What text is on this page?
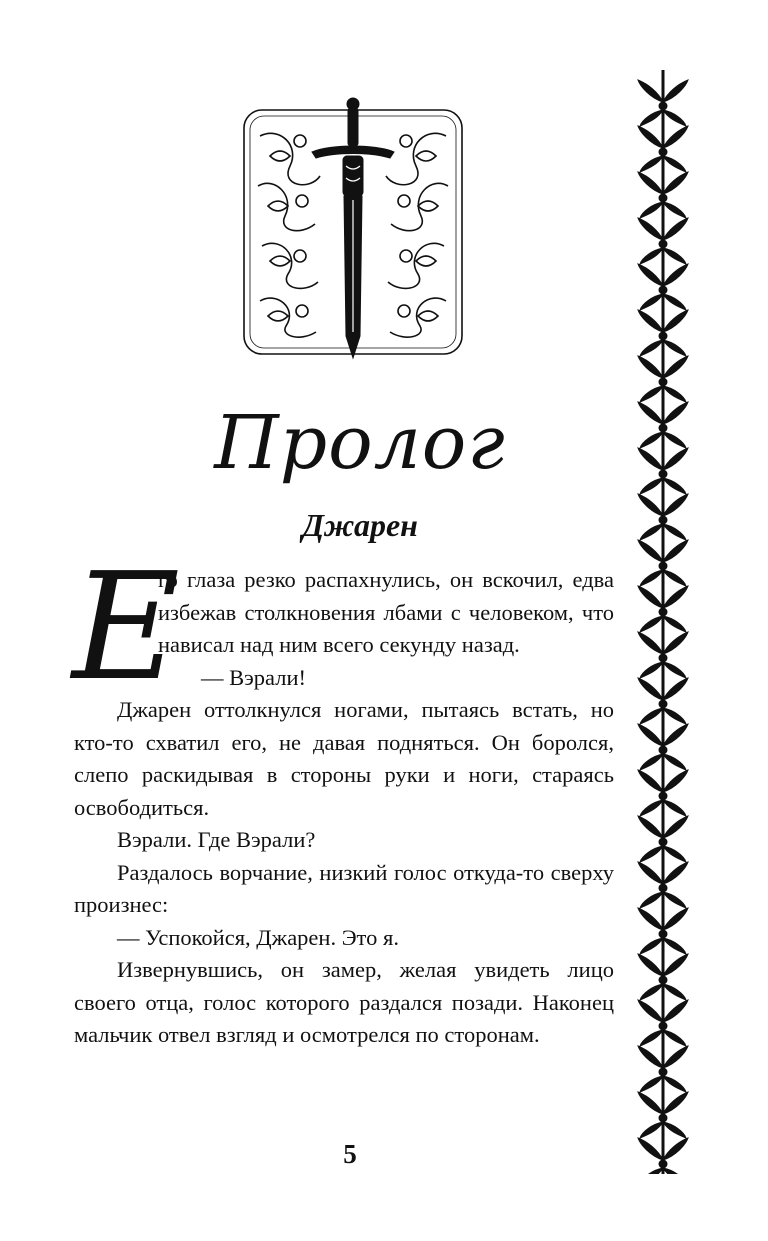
Пролог
Джарен

Е
го глаза резко распахнулись, он вскочил, едва избежав столкновения лбами с человеком, что нависал над ним всего секунду назад.

— Вэрали!

Джарен оттолкнулся ногами, пытаясь встать, но кто-то схватил его, не давая подняться. Он боролся, слепо раскидывая в стороны руки и ноги, стараясь освободиться.

Вэрали. Где Вэрали?

Раздалось ворчание, низкий голос откуда-то сверху произнес:

— Успокойся, Джарен. Это я.

Извернувшись, он замер, желая увидеть лицо своего отца, голос которого раздался позади. Наконец мальчик отвел взгляд и осмотрелся по сторонам.

5
